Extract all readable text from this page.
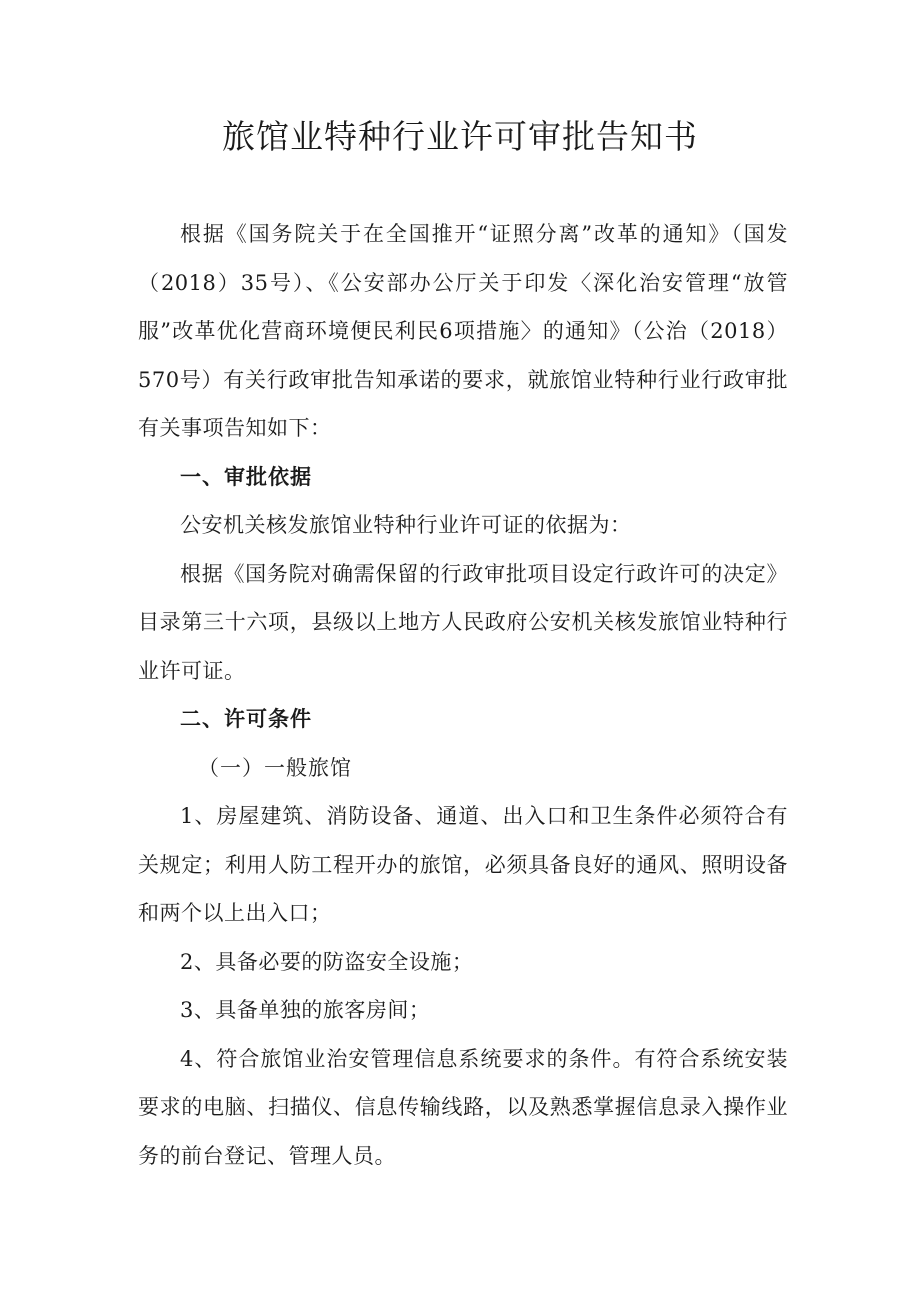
旅馆业特种行业许可审批告知书

根据《国务院关于在全国推开“证照分离”改革的通知》（国发（2018）35号）、《公安部办公厅关于印发〈深化治安管理“放管服”改革优化营商环境便民利民6项措施〉的通知》（公治（2018）570号）有关行政审批告知承诺的要求，就旅馆业特种行业行政审批有关事项告知如下：

一、审批依据

公安机关核发旅馆业特种行业许可证的依据为：

根据《国务院对确需保留的行政审批项目设定行政许可的决定》目录第三十六项，县级以上地方人民政府公安机关核发旅馆业特种行业许可证。

二、许可条件

（一）一般旅馆

1、房屋建筑、消防设备、通道、出入口和卫生条件必须符合有关规定；利用人防工程开办的旅馆，必须具备良好的通风、照明设备和两个以上出入口；

2、具备必要的防盗安全设施；

3、具备单独的旅客房间；

4、符合旅馆业治安管理信息系统要求的条件。有符合系统安装要求的电脑、扫描仪、信息传输线路，以及熟悉掌握信息录入操作业务的前台登记、管理人员。
